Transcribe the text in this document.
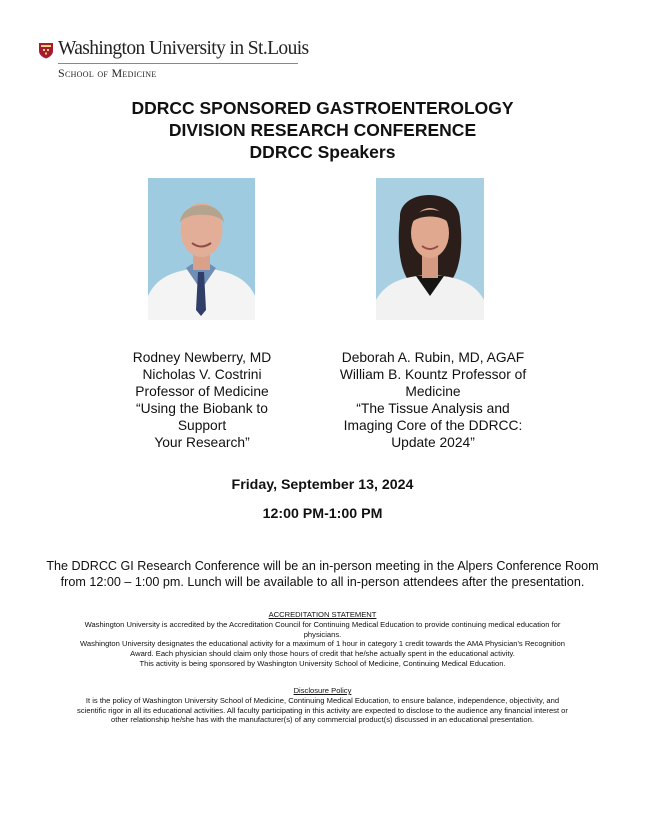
Washington University in St.Louis
School of Medicine
DDRCC SPONSORED GASTROENTEROLOGY
DIVISION RESEARCH CONFERENCE
DDRCC Speakers
Rodney Newberry, MD
Nicholas V. Costrini
Professor of Medicine
“Using the Biobank to Support
Your Research”
Deborah A. Rubin, MD, AGAF
William B. Kountz Professor of
Medicine
“The Tissue Analysis and
Imaging Core of the DDRCC:
Update 2024”
Friday, September 13, 2024
12:00 PM-1:00 PM
The DDRCC GI Research Conference will be an in-person meeting in the Alpers Conference Room
from 12:00 – 1:00 pm. Lunch will be available to all in-person attendees after the presentation.
ACCREDITATION STATEMENT
Washington University is accredited by the Accreditation Council for Continuing Medical Education to provide continuing medical education for
physicians.
Washington University designates the educational activity for a maximum of 1 hour in category 1 credit towards the AMA Physician's Recognition
Award. Each physician should claim only those hours of credit that he/she actually spent in the educational activity.
This activity is being sponsored by Washington University School of Medicine, Continuing Medical Education.
Disclosure Policy
It is the policy of Washington University School of Medicine, Continuing Medical Education, to ensure balance, independence, objectivity, and
scientific rigor in all its educational activities. All faculty participating in this activity are expected to disclose to the audience any financial interest or
other relationship he/she has with the manufacturer(s) of any commercial product(s) discussed in an educational presentation.
